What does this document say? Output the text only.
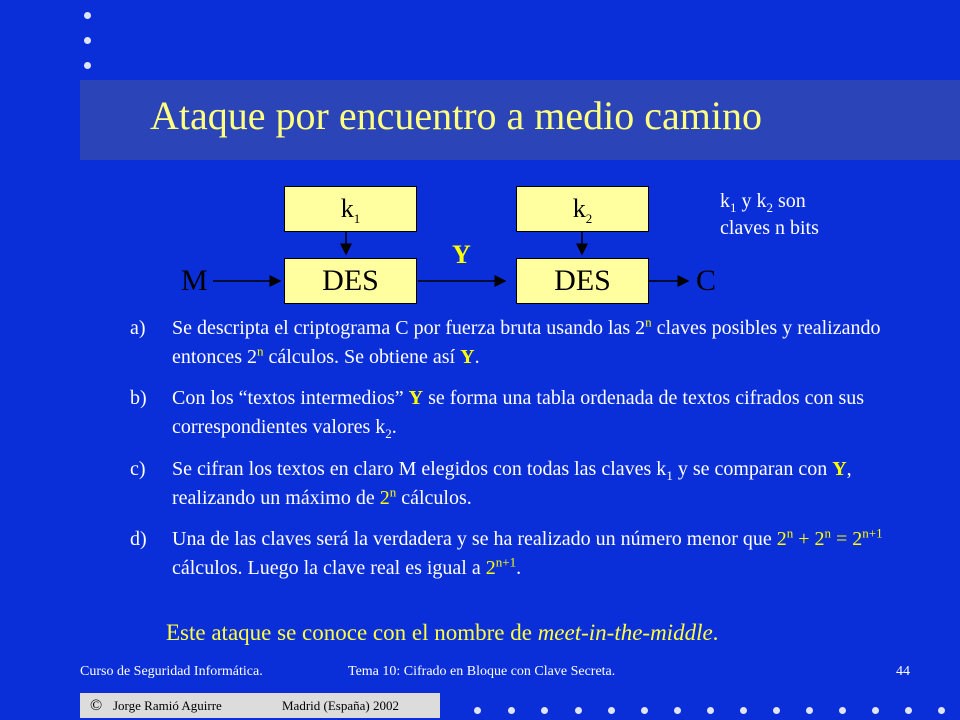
Ataque por encuentro a medio camino
$k_1$	$k_2$
DES	DES
M	C
Y
$k_1$ y $k_2$ son
claves n bits
a)	Se descripta el criptograma C por fuerza bruta usando las 2$^n$ claves posibles y realizando entonces 2$^n$ cálculos. Se obtiene así Y.
b)	Con los “textos intermedios” Y se forma una tabla ordenada de textos cifrados con sus correspondientes valores $k_2$.
c)	Se cifran los textos en claro M elegidos con todas las claves $k_1$ y se comparan con Y, realizando un máximo de 2$^n$ cálculos.
d)	Una de las claves será la verdadera y se ha realizado un número menor que $2^n + 2^n = 2^{n+1}$ cálculos. Luego la clave real es igual a $2^{n+1}$.
Este ataque se conoce con el nombre de meet-in-the-middle.
Curso de Seguridad Informática.	Tema 10: Cifrado en Bloque con Clave Secreta.	44
© Jorge Ramió Aguirre	Madrid (España) 2002
